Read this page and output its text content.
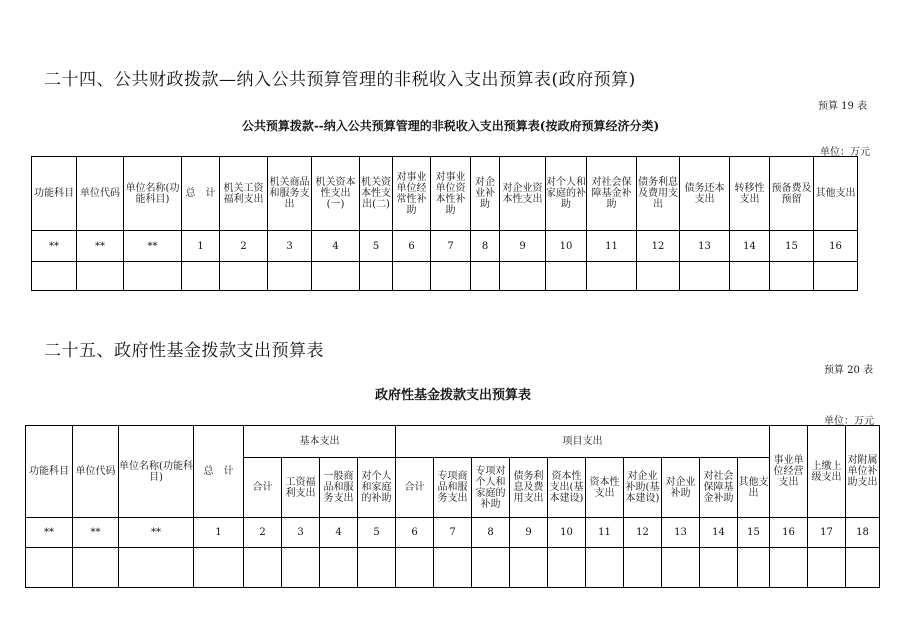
二十四、公共财政拨款—纳入公共预算管理的非税收入支出预算表(政府预算)
预算 19 表
公共预算拨款--纳入公共预算管理的非税收入支出预算表(按政府预算经济分类)
单位：万元
功能科目	单位代码	单位名称(功能科目)	总　计	机关工资福利支出	机关商品和服务支出	机关资本性支出(一)	机关资本性支出(二)	对事业单位经常性补助	对事业单位资本性补助	对企业补助	对企业资本性支出	对个人和家庭的补助	对社会保障基金补助	债务利息及费用支出	债务还本支出	转移性支出	预备费及预留	其他支出
**	**	**	1	2	3	4	5	6	7	8	9	10	11	12	13	14	15	16

二十五、政府性基金拨款支出预算表
预算 20 表
政府性基金拨款支出预算表
单位：万元
功能科目	单位代码	单位名称(功能科目)	总　计	基本支出				项目支出										事业单位经营支出	上缴上级支出	对附属单位补助支出
				合计	工资福利支出	一般商品和服务支出	对个人和家庭的补助	合计	专项商品和服务支出	专项对个人和家庭的补助	债务利息及费用支出	资本性支出(基本建设)	资本性支出	对企业补助(基本建设)	对企业补助	对社会保障基金补助	其他支出			
**	**	**	1	2	3	4	5	6	7	8	9	10	11	12	13	14	15	16	17	18
